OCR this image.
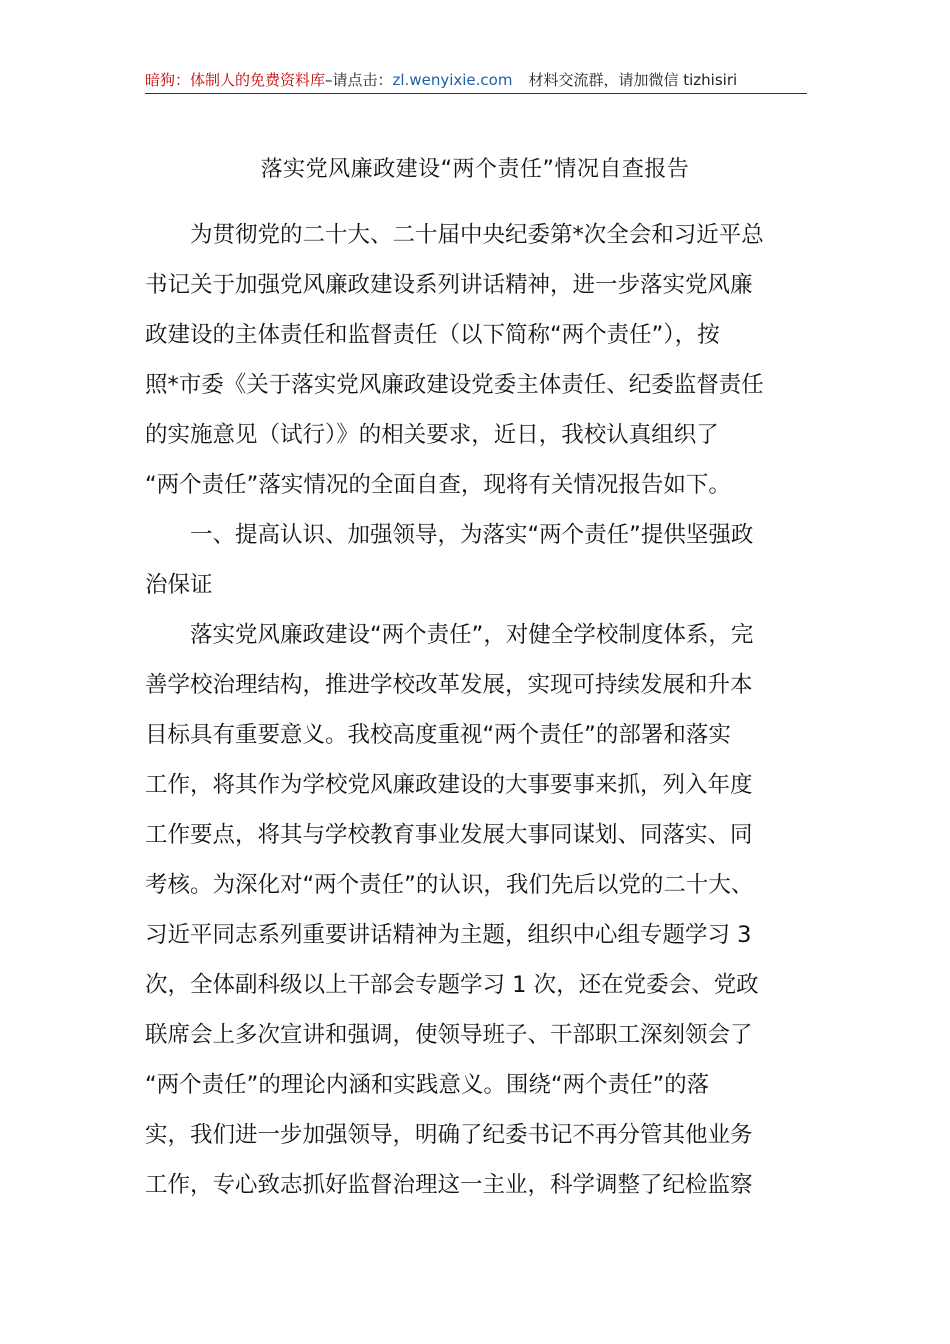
暗狗：体制人的免费资料库–请点击：zl.wenyixie.com 材料交流群，请加微信 tizhisiri
落实党风廉政建设“两个责任”情况自查报告
　　为贯彻党的二十大、二十届中央纪委第*次全会和习近平总
书记关于加强党风廉政建设系列讲话精神，进一步落实党风廉
政建设的主体责任和监督责任（以下简称“两个责任”），按
照*市委《关于落实党风廉政建设党委主体责任、纪委监督责任
的实施意见（试行）》的相关要求，近日，我校认真组织了
“两个责任”落实情况的全面自查，现将有关情况报告如下。
　　一、提高认识、加强领导，为落实“两个责任”提供坚强政
治保证
　　落实党风廉政建设“两个责任”，对健全学校制度体系，完
善学校治理结构，推进学校改革发展，实现可持续发展和升本
目标具有重要意义。我校高度重视“两个责任”的部署和落实
工作，将其作为学校党风廉政建设的大事要事来抓，列入年度
工作要点，将其与学校教育事业发展大事同谋划、同落实、同
考核。为深化对“两个责任”的认识，我们先后以党的二十大、
习近平同志系列重要讲话精神为主题，组织中心组专题学习 3
次，全体副科级以上干部会专题学习 1 次，还在党委会、党政
联席会上多次宣讲和强调，使领导班子、干部职工深刻领会了
“两个责任”的理论内涵和实践意义。围绕“两个责任”的落
实，我们进一步加强领导，明确了纪委书记不再分管其他业务
工作，专心致志抓好监督治理这一主业，科学调整了纪检监察
